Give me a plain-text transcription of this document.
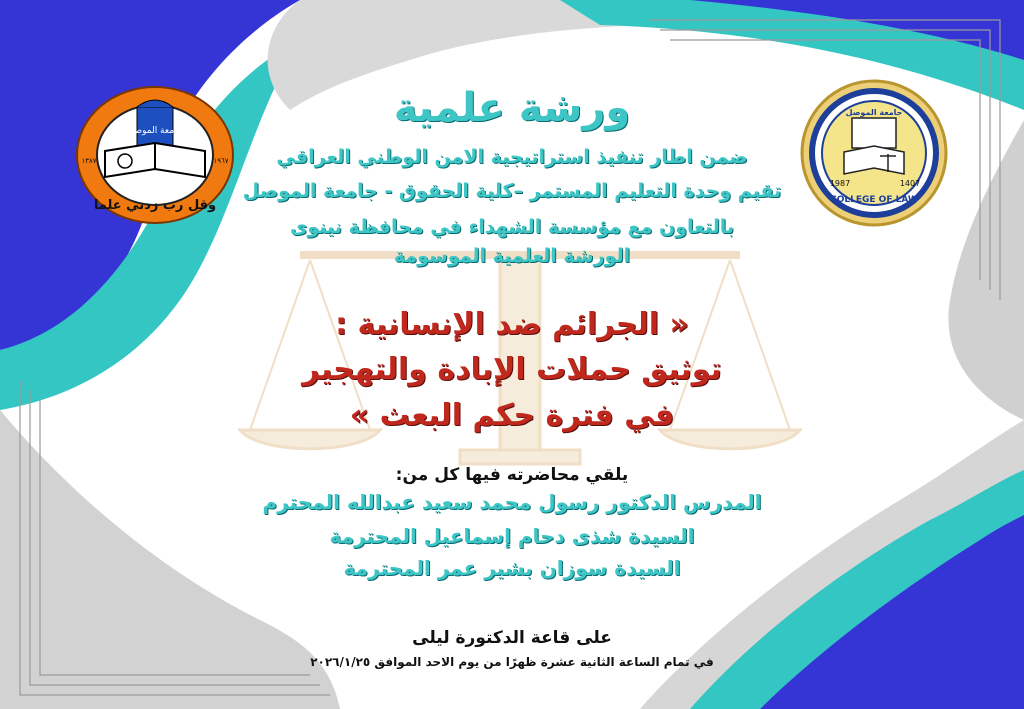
جامعة الموصل
وقل رب زدني علما
١٣٨٧	١٩٦٧
جامعة الموصل
COLLEGE OF LAW
1987	1407
ورشة علمية
ضمن اطار تنفيذ استراتيجية الامن الوطني العراقي
تقيم وحدة التعليم المستمر –كلية الحقوق - جامعة الموصل
بالتعاون مع مؤسسة الشهداء في محافظة نينوى
الورشة العلمية الموسومة
« الجرائم ضد الإنسانية :
توثيق حملات الإبادة والتهجير
في فترة حكم البعث »
يلقي محاضرته فيها كل من:
المدرس الدكتور رسول محمد سعيد عبدالله المحترم
السيدة شذى دحام إسماعيل المحترمة
السيدة سوزان بشير عمر المحترمة
على قاعة الدكتورة ليلى
في تمام الساعة الثانية عشرة ظهرًا من يوم الاحد الموافق ٢٠٢٦/١/٢٥
